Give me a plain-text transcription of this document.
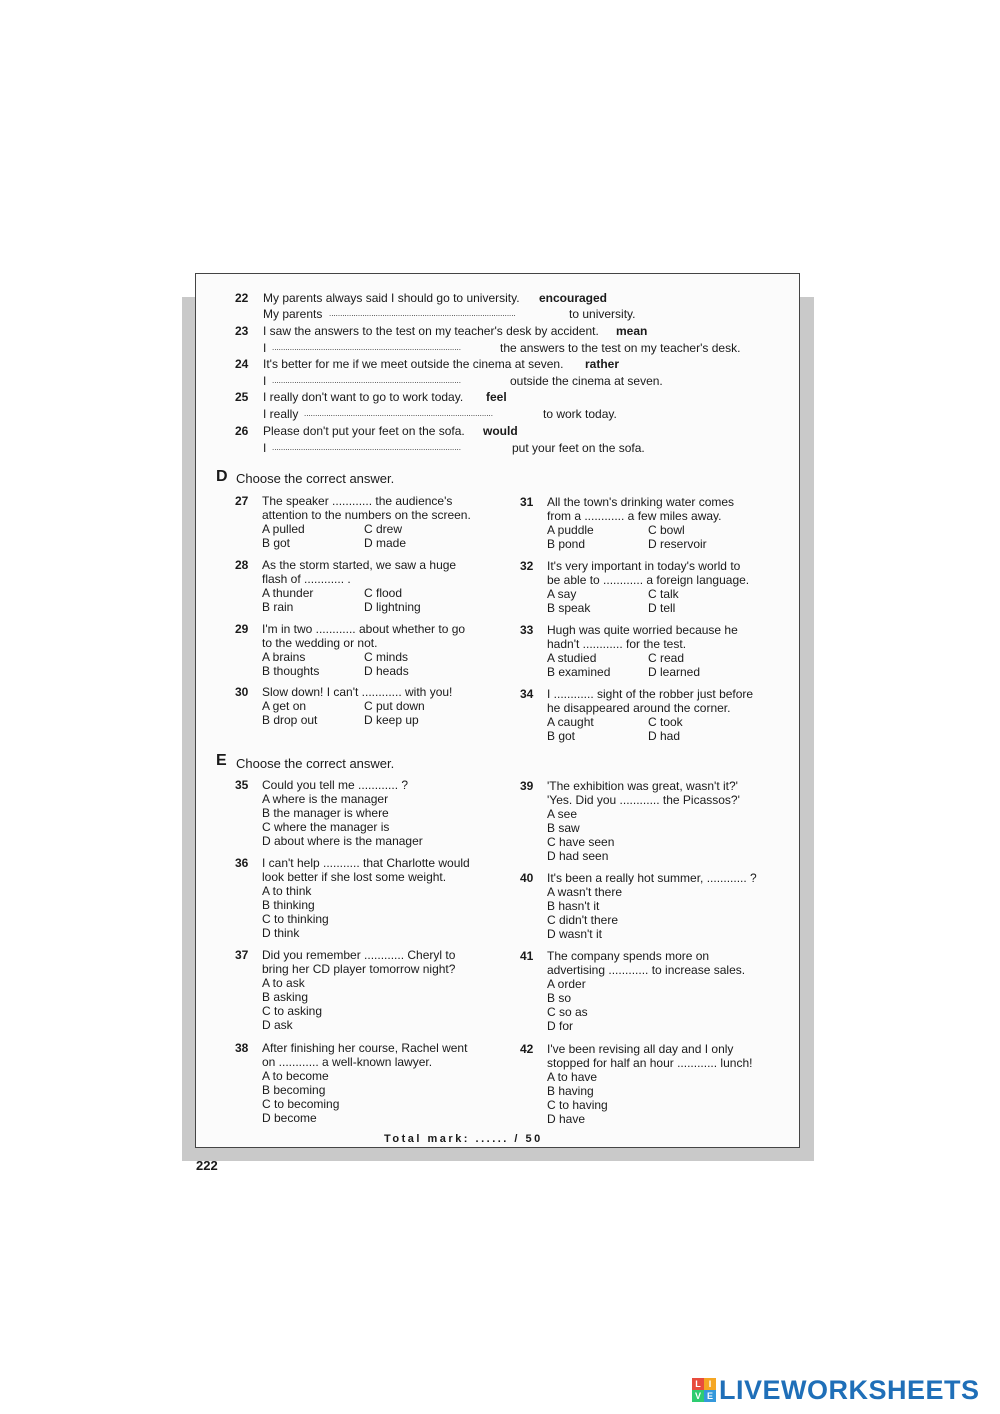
22 My parents always said I should go to university. encouraged
My parents ....................................................................................	to university.
23 I saw the answers to the test on my teacher's desk by accident. mean
I .....................................................................................	the answers to the test on my teacher's desk.
24 It's better for me if we meet outside the cinema at seven. rather
I .....................................................................................	outside the cinema at seven.
25 I really don't want to go to work today. feel
I really .....................................................................................	to work today.
26 Please don't put your feet on the sofa. would
I .....................................................................................	put your feet on the sofa.
D Choose the correct answer.
27 The speaker ............ the audience's
attention to the numbers on the screen.
A pulled
B got
C drew
D made
28 As the storm started, we saw a huge
flash of ............ .
A thunder
B rain
C flood
D lightning
29 I'm in two ............ about whether to go
to the wedding or not.
A brains
B thoughts
C minds
D heads
30 Slow down! I can't ............ with you!
A get on
B drop out
C put down
D keep up
31 All the town's drinking water comes
from a ............ a few miles away.
A puddle
B pond
C bowl
D reservoir
32 It's very important in today's world to
be able to ............ a foreign language.
A say
B speak
C talk
D tell
33 Hugh was quite worried because he
hadn't ............ for the test.
A studied
B examined
C read
D learned
34 I ............ sight of the robber just before
he disappeared around the corner.
A caught
B got
C took
D had
E Choose the correct answer.
35 Could you tell me ............ ?
A where is the manager
B the manager is where
C where the manager is
D about where is the manager
36 I can't help ........... that Charlotte would
look better if she lost some weight.
A to think
B thinking
C to thinking
D think
37 Did you remember ............ Cheryl to
bring her CD player tomorrow night?
A to ask
B asking
C to asking
D ask
38 After finishing her course, Rachel went
on ............ a well-known lawyer.
A to become
B becoming
C to becoming
D become
39 'The exhibition was great, wasn't it?'
'Yes. Did you ............ the Picassos?'
A see
B saw
C have seen
D had seen
40 It's been a really hot summer, ............ ?
A wasn't there
B hasn't it
C didn't there
D wasn't it
41 The company spends more on
advertising ............ to increase sales.
A order
B so
C so as
D for
42 I've been revising all day and I only
stopped for half an hour ............ lunch!
A to have
B having
C to having
D have
Total mark: ...... / 50
222
L I
V E LIVEWORKSHEETS
